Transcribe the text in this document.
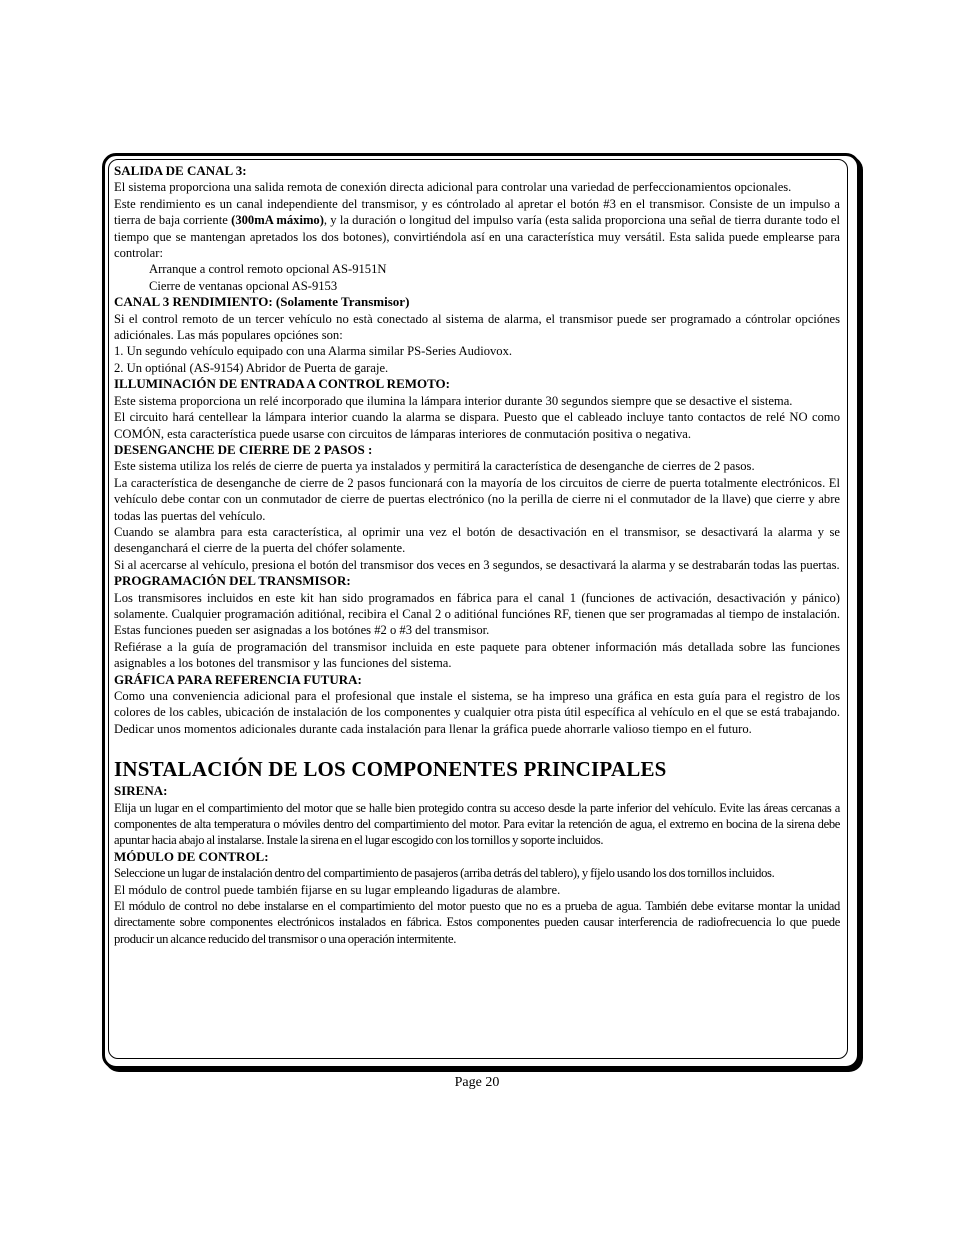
SALIDA DE CANAL 3:

El sistema proporciona una salida remota de conexión directa adicional para controlar una variedad de perfeccionamientos opcionales.

Este rendimiento es un canal independiente del transmisor, y es cóntrolado al apretar el botón #3 en el transmisor. Consiste de un impulso a tierra de baja corriente (300mA máximo), y la duración o longitud del impulso varía (esta salida proporciona una señal de tierra durante todo el tiempo que se mantengan apretados los dos botones), convirtiéndola así en una característica muy versátil. Esta salida puede emplearse para controlar:

Arranque a control remoto opcional AS-9151N

Cierre de ventanas opcional AS-9153

CANAL 3 RENDIMIENTO: (Solamente Transmisor)

Si el control remoto de un tercer vehículo no està conectado al sistema de alarma, el transmisor puede ser programado a cóntrolar opciónes adiciónales. Las más populares opciónes son:

1. Un segundo vehículo equipado con una Alarma similar PS-Series Audiovox.

2. Un optiónal (AS-9154) Abridor de Puerta de garaje.

ILLUMINACIÓN DE ENTRADA A CONTROL REMOTO:

Este sistema proporciona un relé incorporado que ilumina la lámpara interior durante 30 segundos siempre que se desactive el sistema.

El circuito hará centellear la lámpara interior cuando la alarma se dispara. Puesto que el cableado incluye tanto contactos de relé NO como COMÓN, esta característica puede usarse con circuitos de lámparas interiores de conmutación positiva o negativa.

DESENGANCHE DE CIERRE DE 2 PASOS :

Este sistema utiliza los relés de cierre de puerta ya instalados y permitirá la característica de desenganche de cierres de 2 pasos.

La característica de desenganche de cierre de 2 pasos funcionará con la mayoría de los circuitos de cierre de puerta totalmente electrónicos. El vehículo debe contar con un conmutador de cierre de puertas electrónico (no la perilla de cierre ni el conmutador de la llave) que cierre y abre todas las puertas del vehículo.

Cuando se alambra para esta característica, al oprimir una vez el botón de desactivación en el transmisor, se desactivará la alarma y se desenganchará el cierre de la puerta del chófer solamente.

Si al acercarse al vehículo, presiona el botón del transmisor dos veces en 3 segundos, se desactivará la alarma y se destrabarán todas las puertas.

PROGRAMACIÓN DEL TRANSMISOR:

Los transmisores incluidos en este kit han sido programados en fábrica para el canal 1 (funciones de activación, desactivación y pánico) solamente. Cualquier programación aditiónal, recibira el Canal 2 o aditiónal funciónes RF, tienen que ser programadas al tiempo de instalación. Estas funciones pueden ser asignadas a los botónes #2 o #3 del transmisor.

Refiérase a la guía de programación del transmisor incluida en este paquete para obtener información más detallada sobre las funciones asignables a los botones del transmisor y las funciones del sistema.

GRÁFICA PARA REFERENCIA FUTURA:

Como una conveniencia adicional para el profesional que instale el sistema, se ha impreso una gráfica en esta guía para el registro de los colores de los cables, ubicación de instalación de los componentes y cualquier otra pista útil específica al vehículo en el que se está trabajando. Dedicar unos momentos adicionales durante cada instalación para llenar la gráfica puede ahorrarle valioso tiempo en el futuro.

INSTALACIÓN DE LOS COMPONENTES PRINCIPALES
SIRENA:

Elija un lugar en el compartimiento del motor que se halle bien protegido contra su acceso desde la parte inferior del vehículo. Evite las áreas cercanas a componentes de alta temperatura o móviles dentro del compartimiento del motor. Para evitar la retención de agua, el extremo en bocina de la sirena debe apuntar hacia abajo al instalarse. Instale la sirena en el lugar escogido con los tornillos y soporte incluidos.

MÓDULO DE CONTROL:

Seleccione un lugar de instalación dentro del compartimiento de pasajeros (arriba detrás del tablero), y fíjelo usando los dos tornillos incluidos.

El módulo de control puede también fijarse en su lugar empleando ligaduras de alambre.

El módulo de control no debe instalarse en el compartimiento del motor puesto que no es a prueba de agua. También debe evitarse montar la unidad directamente sobre componentes electrónicos instalados en fábrica. Estos componentes pueden causar interferencia de radiofrecuencia lo que puede producir un alcance reducido del transmisor o una operación intermitente.

Page 20
